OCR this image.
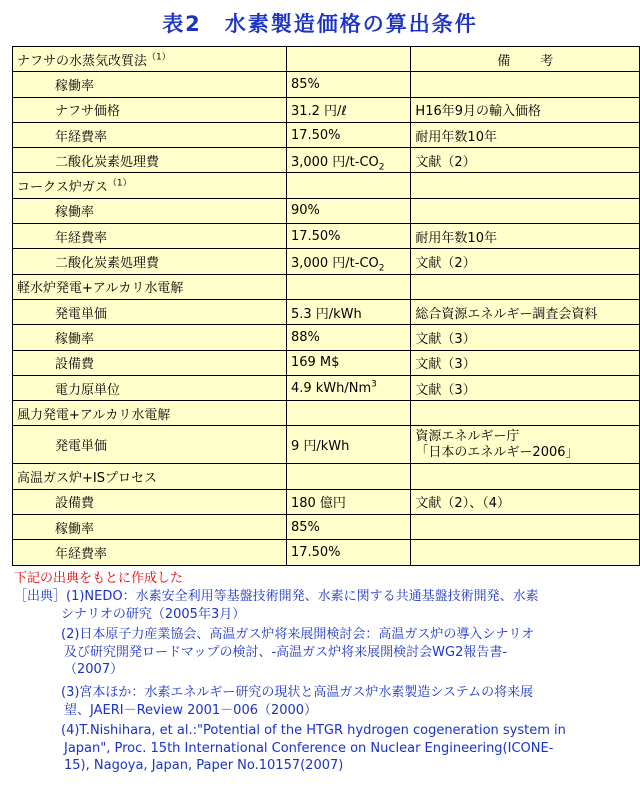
表2　水素製造価格の算出条件
ナフサの水蒸気改質法$^{(1)}$		備考
稼働率	85%	
ナフサ価格	31.2 円/ℓ	H16年9月の輸入価格
年経費率	17.50%	耐用年数10年
二酸化炭素処理費	3,000 円$/t-CO_2$	文献（2）
コークス炉ガス$^{(1)}$		
稼働率	90%	
年経費率	17.50%	耐用年数10年
二酸化炭素処理費	3,000 円$/t-CO_2$	文献（2）
軽水炉発電+アルカリ水電解		
発電単価	5.3 円/kWh	総合資源エネルギー調査会資料
稼働率	88%	文献（3）
設備費	169 M$	文献（3）
電力原単位	4.9 kWh/Nm$^3$	文献（3）
風力発電+アルカリ水電解		
発電単価	9 円/kWh	資源エネルギー庁
「日本のエネルギー2006」

高温ガス炉+ISプロセス		
設備費	180 億円	文献（2）、（4）
稼働率	85%	
年経費率	17.50%	
下記の出典をもとに作成した
［出典］ (1)NEDO：水素安全利用等基盤技術開発、水素に関する共通基盤技術開発、水素
シナリオの研究（2005年3月）
(2)日本原子力産業協会、高温ガス炉将来展開検討会：高温ガス炉の導入シナリオ
及び研究開発ロードマップの検討、-高温ガス炉将来展開検討会WG2報告書-
（2007）
(3)宮本ほか：水素エネルギー研究の現状と高温ガス炉水素製造システムの将来展
望、JAERI－Review 2001－006（2000）
(4)T.Nishihara, et al.:"Potential of the HTGR hydrogen cogeneration system in
Japan", Proc. 15th International Conference on Nuclear Engineering(ICONE-
15), Nagoya, Japan, Paper No.10157(2007)
